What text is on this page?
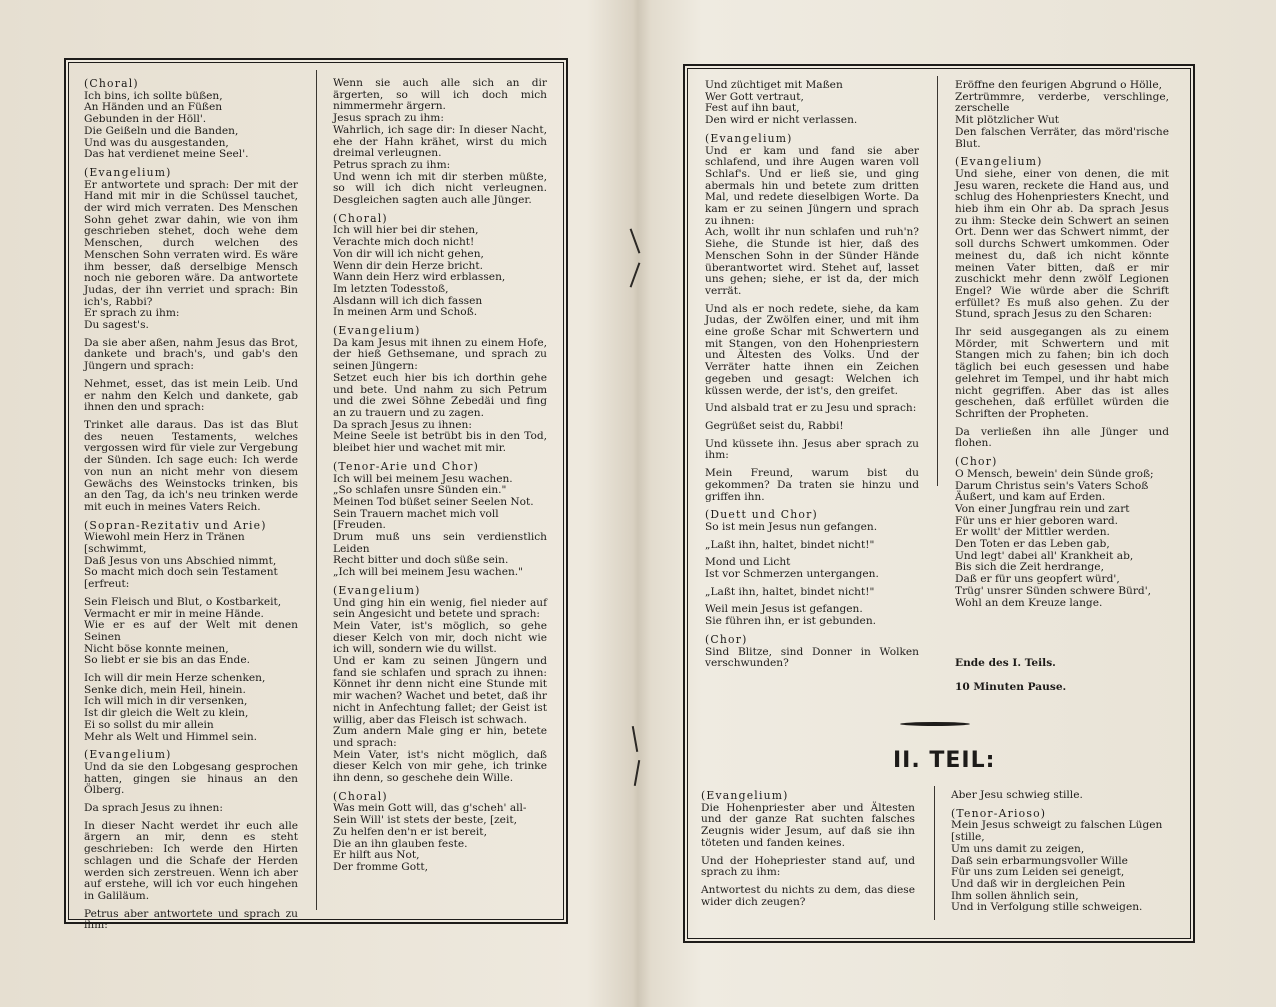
(Choral)

Ich bins, ich sollte büßen,
An Händen und an Füßen
Gebunden in der Höll'.
Die Geißeln und die Banden,
Und was du ausgestanden,
Das hat verdienet meine Seel'.

(Evangelium)

Er antwortete und sprach: Der mit der Hand mit mir in die Schüssel tauchet, der wird mich verraten. Des Menschen Sohn gehet zwar dahin, wie von ihm geschrieben stehet, doch wehe dem Menschen, durch welchen des Menschen Sohn verraten wird. Es wäre ihm besser, daß derselbige Mensch noch nie geboren wäre. Da antwortete Judas, der ihn verriet und sprach: Bin ich's, Rabbi?
Er sprach zu ihm:
Du sagest's.

Da sie aber aßen, nahm Jesus das Brot, dankete und brach's, und gab's den Jüngern und sprach:

Nehmet, esset, das ist mein Leib. Und er nahm den Kelch und dankete, gab ihnen den und sprach:

Trinket alle daraus. Das ist das Blut des neuen Testaments, welches vergossen wird für viele zur Vergebung der Sünden. Ich sage euch: Ich werde von nun an nicht mehr von diesem Gewächs des Weinstocks trinken, bis an den Tag, da ich's neu trinken werde mit euch in meines Vaters Reich.

(Sopran-Rezitativ und Arie)

Wiewohl mein Herz in Tränen
[schwimmt,
Daß Jesus von uns Abschied nimmt,
So macht mich doch sein Testament
[erfreut:

Sein Fleisch und Blut, o Kostbarkeit,
Vermacht er mir in meine Hände.
Wie er es auf der Welt mit denen Seinen
Nicht böse konnte meinen,
So liebt er sie bis an das Ende.

Ich will dir mein Herze schenken,
Senke dich, mein Heil, hinein.
Ich will mich in dir versenken,
Ist dir gleich die Welt zu klein,
Ei so sollst du mir allein
Mehr als Welt und Himmel sein.

(Evangelium)

Und da sie den Lobgesang gesprochen hatten, gingen sie hinaus an den Ölberg.

Da sprach Jesus zu ihnen:

In dieser Nacht werdet ihr euch alle ärgern an mir, denn es steht geschrieben: Ich werde den Hirten schlagen und die Schafe der Herden werden sich zerstreuen. Wenn ich aber auf erstehe, will ich vor euch hingehen in Galiläum.

Petrus aber antwortete und sprach zu ihm:

Wenn sie auch alle sich an dir ärgerten, so will ich doch mich nimmermehr ärgern.
Jesus sprach zu ihm:
Wahrlich, ich sage dir: In dieser Nacht, ehe der Hahn krähet, wirst du mich dreimal verleugnen.
Petrus sprach zu ihm:
Und wenn ich mit dir sterben müßte, so will ich dich nicht verleugnen. Desgleichen sagten auch alle Jünger.

(Choral)

Ich will hier bei dir stehen,
Verachte mich doch nicht!
Von dir will ich nicht gehen,
Wenn dir dein Herze bricht.
Wann dein Herz wird erblassen,
Im letzten Todesstoß,
Alsdann will ich dich fassen
In meinen Arm und Schoß.

(Evangelium)

Da kam Jesus mit ihnen zu einem Hofe, der hieß Gethsemane, und sprach zu seinen Jüngern:
Setzet euch hier bis ich dorthin gehe und bete. Und nahm zu sich Petrum und die zwei Söhne Zebedäi und fing an zu trauern und zu zagen.
Da sprach Jesus zu ihnen:
Meine Seele ist betrübt bis in den Tod, bleibet hier und wachet mit mir.

(Tenor-Arie und Chor)

Ich will bei meinem Jesu wachen.
„So schlafen unsre Sünden ein."
Meinen Tod büßet seiner Seelen Not.
Sein Trauern machet mich voll
[Freuden.
Drum muß uns sein verdienstlich Leiden
Recht bitter und doch süße sein.
„Ich will bei meinem Jesu wachen."

(Evangelium)

Und ging hin ein wenig, fiel nieder auf sein Angesicht und betete und sprach:
Mein Vater, ist's möglich, so gehe dieser Kelch von mir, doch nicht wie ich will, sondern wie du willst.
Und er kam zu seinen Jüngern und fand sie schlafen und sprach zu ihnen: Könnet ihr denn nicht eine Stunde mit mir wachen? Wachet und betet, daß ihr nicht in Anfechtung fallet; der Geist ist willig, aber das Fleisch ist schwach.
Zum andern Male ging er hin, betete und sprach:
Mein Vater, ist's nicht möglich, daß dieser Kelch von mir gehe, ich trinke ihn denn, so geschehe dein Wille.

(Choral)

Was mein Gott will, das g'scheh' all-
Sein Will' ist stets der beste, [zeit,
Zu helfen den'n er ist bereit,
Die an ihn glauben feste.
Er hilft aus Not,
Der fromme Gott,

Und züchtiget mit Maßen
Wer Gott vertraut,
Fest auf ihn baut,
Den wird er nicht verlassen.

(Evangelium)

Und er kam und fand sie aber schlafend, und ihre Augen waren voll Schlaf's. Und er ließ sie, und ging abermals hin und betete zum dritten Mal, und redete dieselbigen Worte. Da kam er zu seinen Jüngern und sprach zu ihnen:
Ach, wollt ihr nun schlafen und ruh'n? Siehe, die Stunde ist hier, daß des Menschen Sohn in der Sünder Hände überantwortet wird. Stehet auf, lasset uns gehen; siehe, er ist da, der mich verrät.

Und als er noch redete, siehe, da kam Judas, der Zwölfen einer, und mit ihm eine große Schar mit Schwertern und mit Stangen, von den Hohenpriestern und Ältesten des Volks. Und der Verräter hatte ihnen ein Zeichen gegeben und gesagt: Welchen ich küssen werde, der ist's, den greifet.

Und alsbald trat er zu Jesu und sprach:

Gegrüßet seist du, Rabbi!

Und küssete ihn. Jesus aber sprach zu ihm:

Mein Freund, warum bist du gekommen? Da traten sie hinzu und griffen ihn.

(Duett und Chor)

So ist mein Jesus nun gefangen.

„Laßt ihn, haltet, bindet nicht!"

Mond und Licht
Ist vor Schmerzen untergangen.

„Laßt ihn, haltet, bindet nicht!"

Weil mein Jesus ist gefangen.
Sie führen ihn, er ist gebunden.

(Chor)

Sind Blitze, sind Donner in Wolken verschwunden?

Eröffne den feurigen Abgrund o Hölle,
Zertrümmre, verderbe, verschlinge, zerschelle
Mit plötzlicher Wut
Den falschen Verräter, das mörd'rische Blut.

(Evangelium)

Und siehe, einer von denen, die mit Jesu waren, reckete die Hand aus, und schlug des Hohenpriesters Knecht, und hieb ihm ein Ohr ab. Da sprach Jesus zu ihm: Stecke dein Schwert an seinen Ort. Denn wer das Schwert nimmt, der soll durchs Schwert umkommen. Oder meinest du, daß ich nicht könnte meinen Vater bitten, daß er mir zuschickt mehr denn zwölf Legionen Engel? Wie würde aber die Schrift erfüllet? Es muß also gehen. Zu der Stund, sprach Jesus zu den Scharen:

Ihr seid ausgegangen als zu einem Mörder, mit Schwertern und mit Stangen mich zu fahen; bin ich doch täglich bei euch gesessen und habe gelehret im Tempel, und ihr habt mich nicht gegriffen. Aber das ist alles geschehen, daß erfüllet würden die Schriften der Propheten.

Da verließen ihn alle Jünger und flohen.

(Chor)

O Mensch, bewein' dein Sünde groß;
Darum Christus sein's Vaters Schoß
Äußert, und kam auf Erden.
Von einer Jungfrau rein und zart
Für uns er hier geboren ward.
Er wollt' der Mittler werden.
Den Toten er das Leben gab,
Und legt' dabei all' Krankheit ab,
Bis sich die Zeit herdrange,
Daß er für uns geopfert würd',
Trüg' unsrer Sünden schwere Bürd',
Wohl an dem Kreuze lange.

Ende des I. Teils.

10 Minuten Pause.

II. TEIL:

(Evangelium)

Die Hohenpriester aber und Ältesten und der ganze Rat suchten falsches Zeugnis wider Jesum, auf daß sie ihn töteten und fanden keines.

Und der Hohepriester stand auf, und sprach zu ihm:

Antwortest du nichts zu dem, das diese wider dich zeugen?

Aber Jesu schwieg stille.

(Tenor-Arioso)

Mein Jesus schweigt zu falschen Lügen
[stille,
Um uns damit zu zeigen,
Daß sein erbarmungsvoller Wille
Für uns zum Leiden sei geneigt,
Und daß wir in dergleichen Pein
Ihm sollen ähnlich sein,
Und in Verfolgung stille schweigen.
